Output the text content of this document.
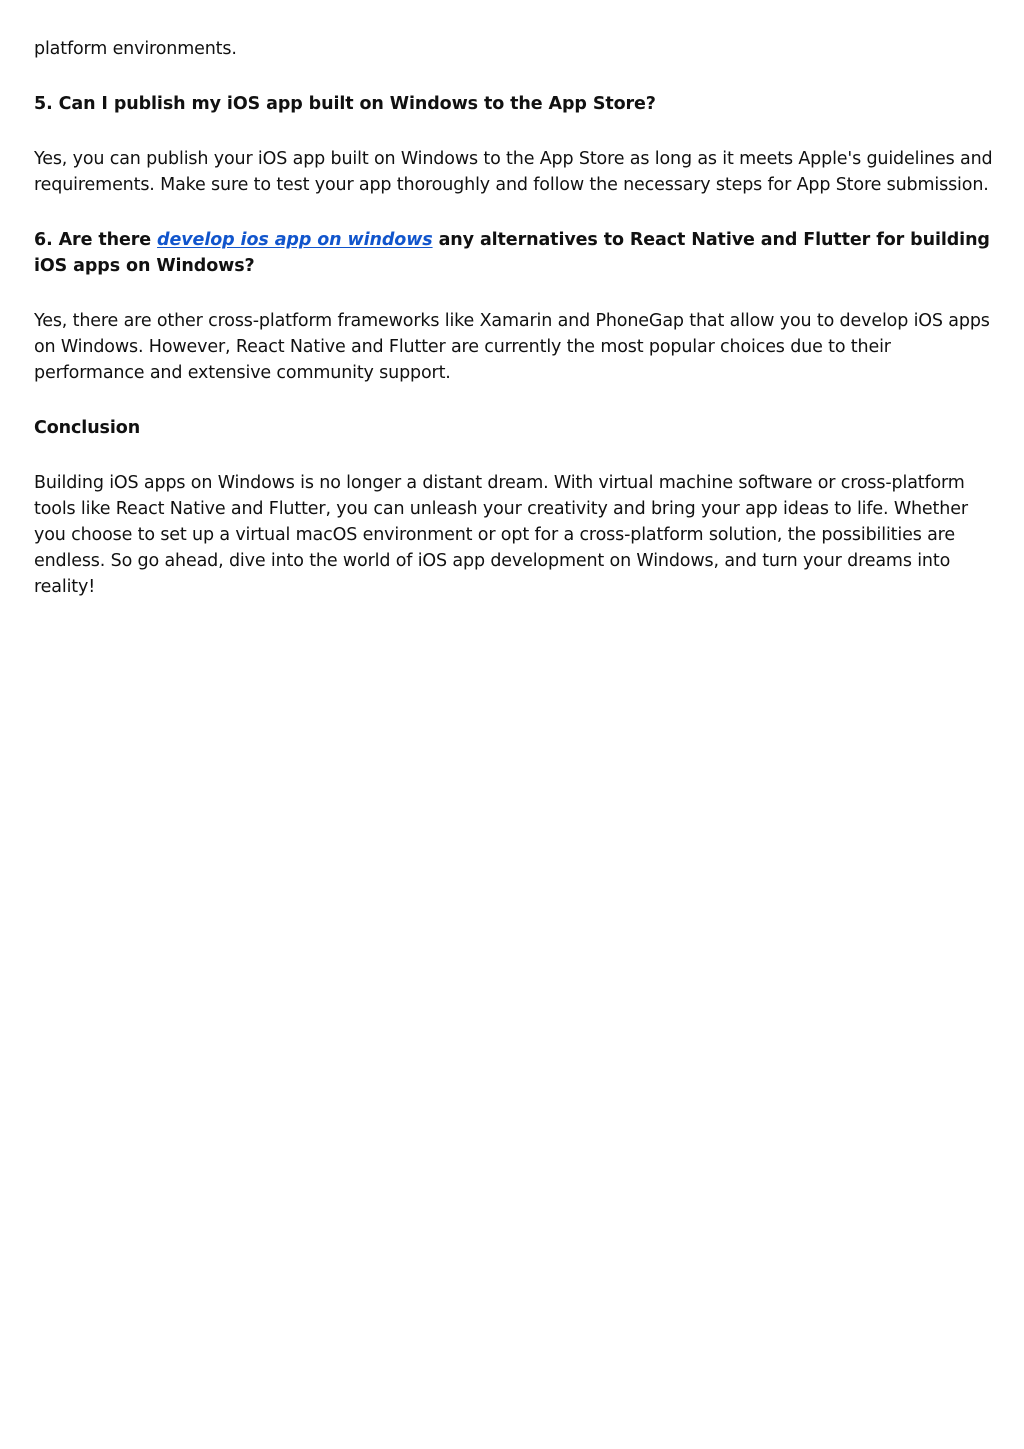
platform environments.

5. Can I publish my iOS app built on Windows to the App Store?

Yes, you can publish your iOS app built on Windows to the App Store as long as it meets Apple's guidelines and requirements. Make sure to test your app thoroughly and follow the necessary steps for App Store submission.

6. Are there develop ios app on windows any alternatives to React Native and Flutter for building iOS apps on Windows?

Yes, there are other cross-platform frameworks like Xamarin and PhoneGap that allow you to develop iOS apps on Windows. However, React Native and Flutter are currently the most popular choices due to their performance and extensive community support.

Conclusion

Building iOS apps on Windows is no longer a distant dream. With virtual machine software or cross-platform tools like React Native and Flutter, you can unleash your creativity and bring your app ideas to life. Whether you choose to set up a virtual macOS environment or opt for a cross-platform solution, the possibilities are endless. So go ahead, dive into the world of iOS app development on Windows, and turn your dreams into reality!
